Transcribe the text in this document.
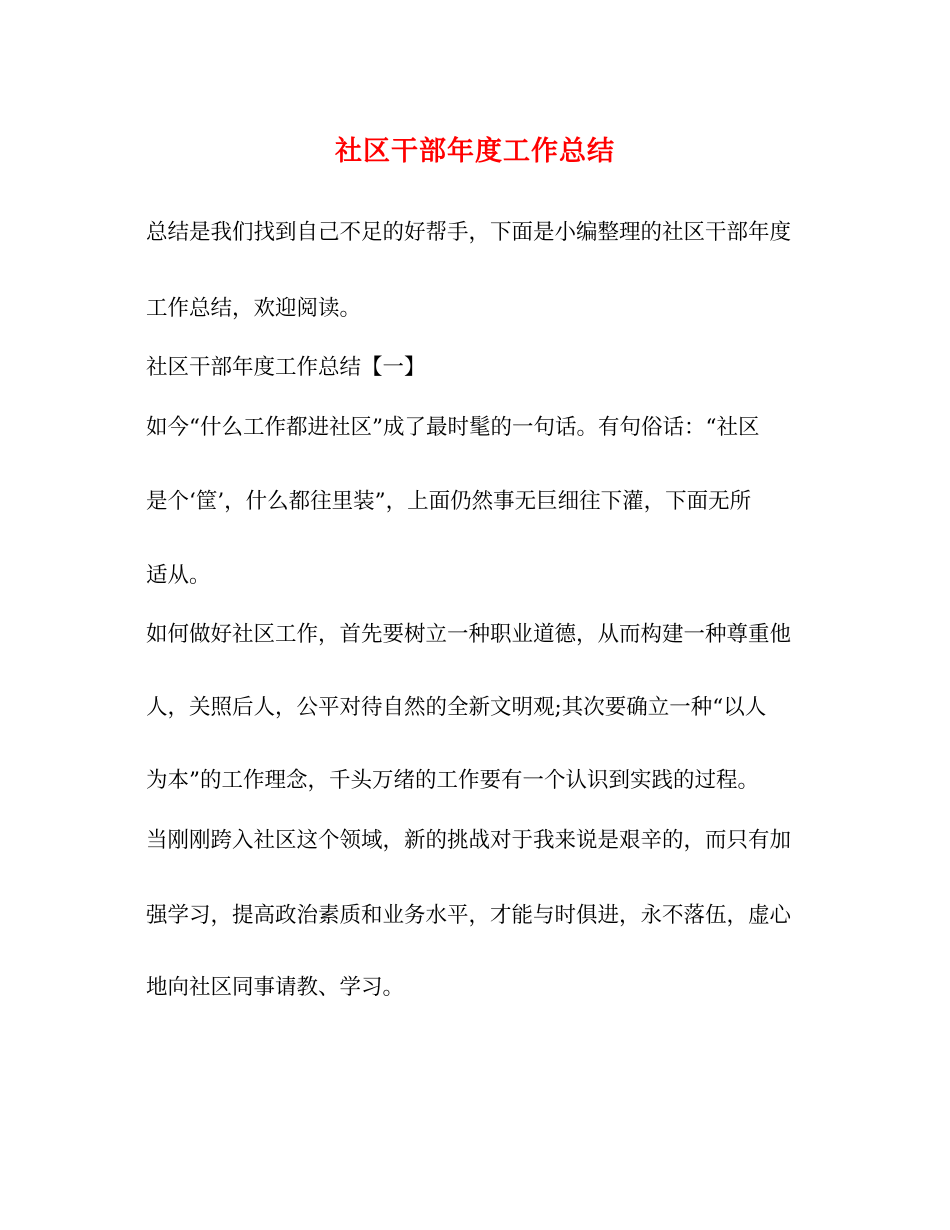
社区干部年度工作总结
总结是我们找到自己不足的好帮手，下面是小编整理的社区干部年度
工作总结，欢迎阅读。
社区干部年度工作总结【一】
如今“什么工作都进社区”成了最时髦的一句话。有句俗话：“社区
是个‘筐’，什么都往里装”，上面仍然事无巨细往下灌，下面无所
适从。
如何做好社区工作，首先要树立一种职业道德，从而构建一种尊重他
人，关照后人，公平对待自然的全新文明观;其次要确立一种“以人
为本”的工作理念，千头万绪的工作要有一个认识到实践的过程。
当刚刚跨入社区这个领域，新的挑战对于我来说是艰辛的，而只有加
强学习，提高政治素质和业务水平，才能与时俱进，永不落伍，虚心
地向社区同事请教、学习。
